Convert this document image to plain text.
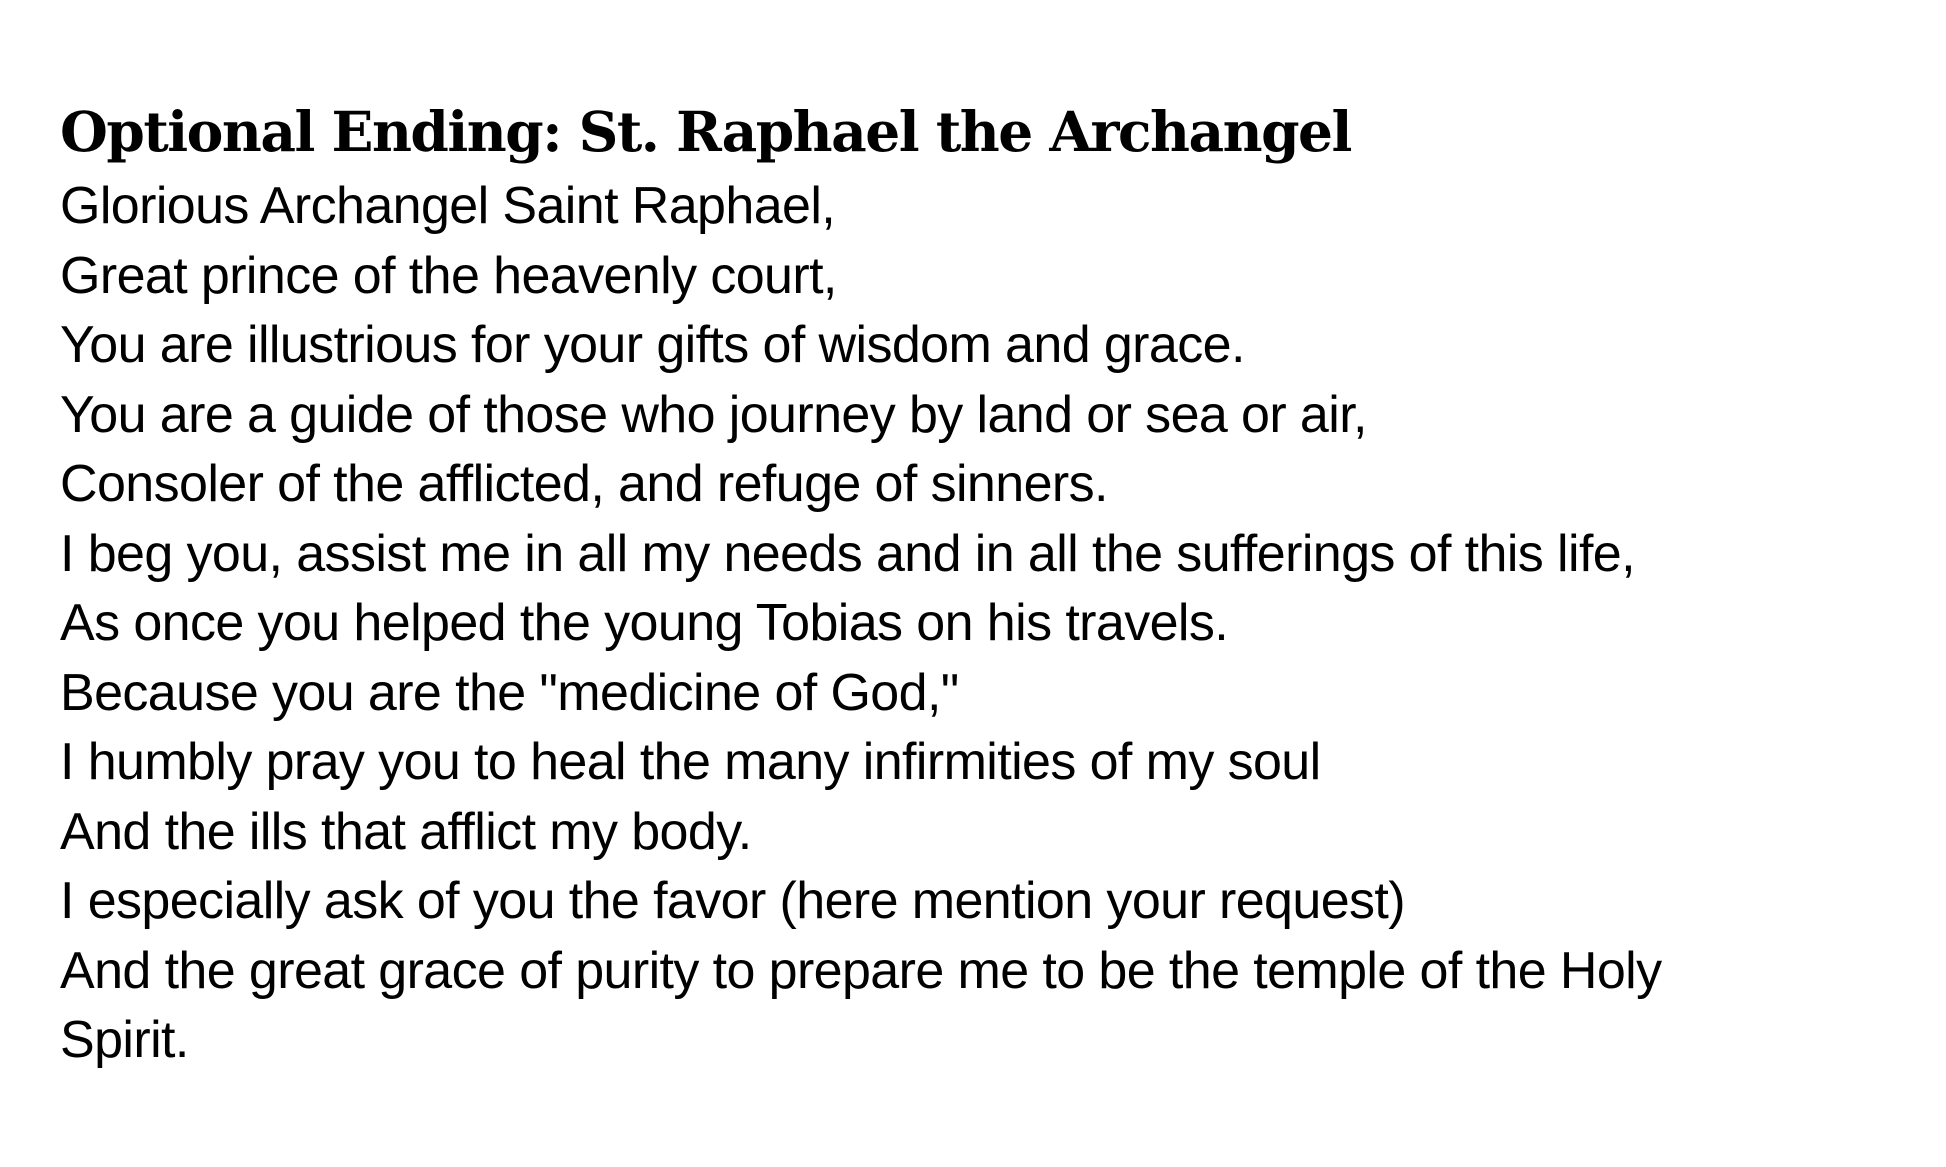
Optional Ending: St. Raphael the Archangel
Glorious Archangel Saint Raphael,
Great prince of the heavenly court,
You are illustrious for your gifts of wisdom and grace.
You are a guide of those who journey by land or sea or air,
Consoler of the afflicted, and refuge of sinners.
I beg you, assist me in all my needs and in all the sufferings of this life,
As once you helped the young Tobias on his travels.
Because you are the "medicine of God,"
I humbly pray you to heal the many infirmities of my soul
And the ills that afflict my body.
I especially ask of you the favor (here mention your request)
And the great grace of purity to prepare me to be the temple of the Holy
Spirit.
